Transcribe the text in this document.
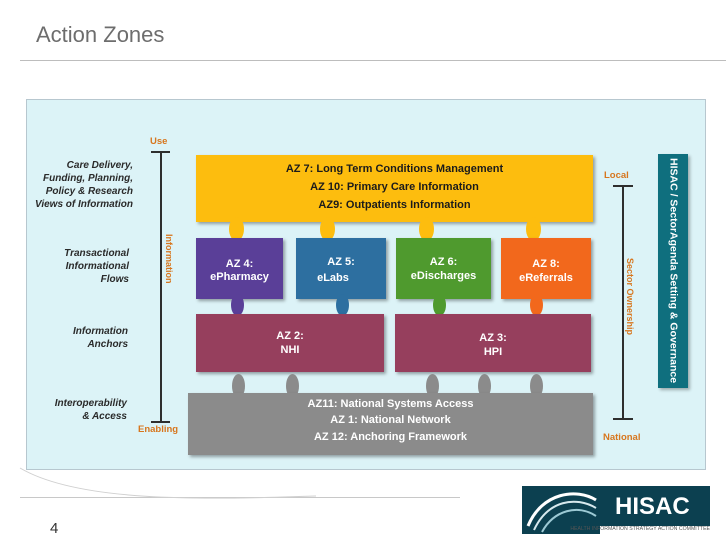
Action Zones
Care Delivery,
Funding, Planning,
Policy & Research
Views of Information
Transactional
Informational
Flows
Information
Anchors
Interoperability
& Access
Use
Enabling
Information
Local
National
Sector Ownership
AZ 7: Long Term Conditions Management
AZ 10: Primary Care Information
AZ9: Outpatients Information
AZ 4:
ePharmacy
AZ 5:
eLabs
AZ 6:
eDischarges
AZ 8:
eReferrals
AZ 2:
NHI
AZ 3:
HPI
AZ11: National Systems Access
AZ 1: National Network
AZ 12: Anchoring Framework
HISAC / Sector
Agenda Setting & Governance
4
HISAC
HEALTH INFORMATION STRATEGY ACTION COMMITTEE
